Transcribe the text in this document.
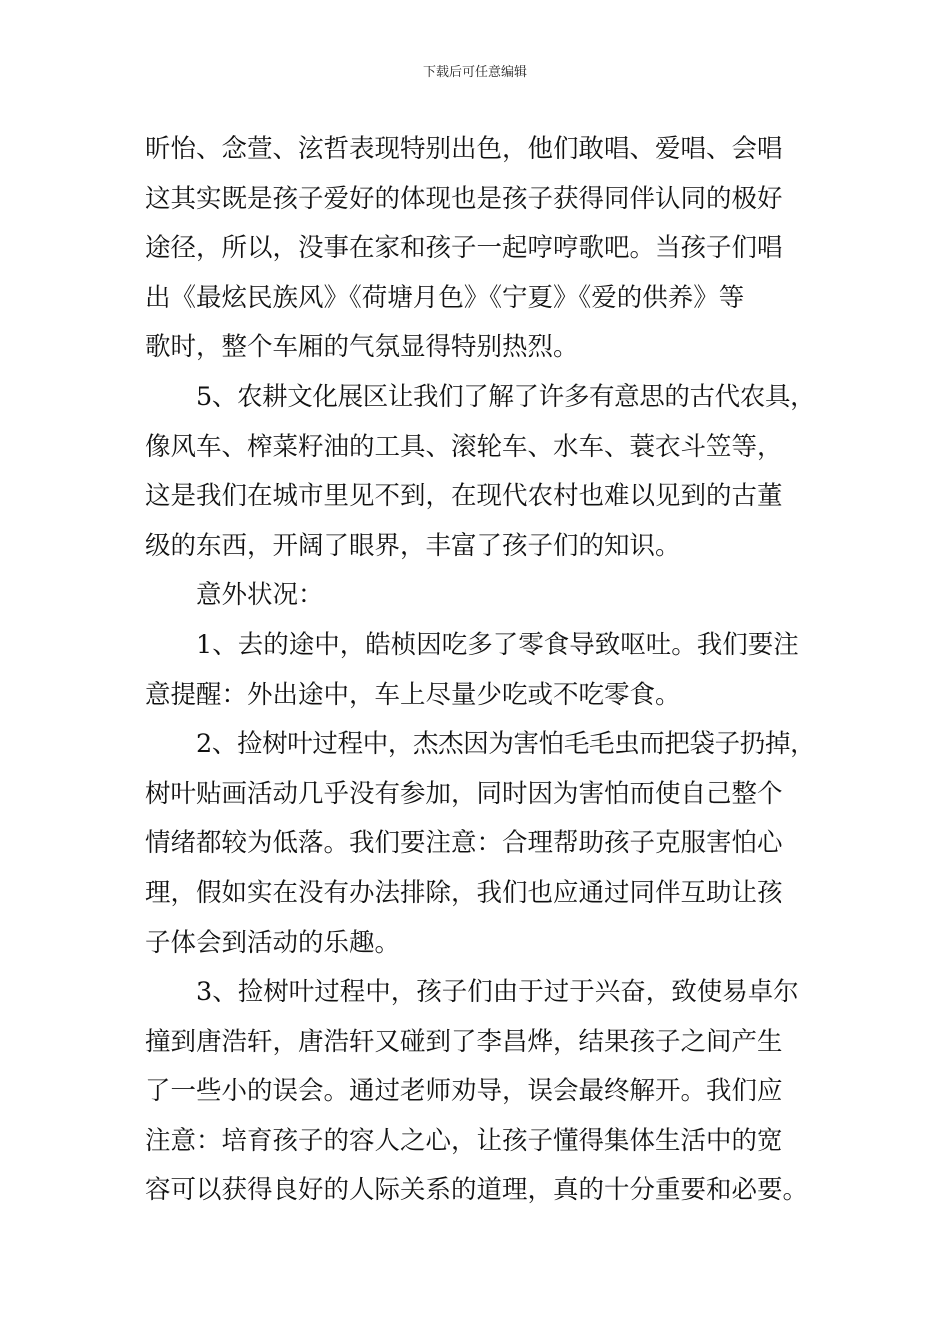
下载后可任意编辑
昕怡、念萱、泫哲表现特别出色，他们敢唱、爱唱、会唱
这其实既是孩子爱好的体现也是孩子获得同伴认同的极好
途径，所以，没事在家和孩子一起哼哼歌吧。当孩子们唱
出《最炫民族风》《荷塘月色》《宁夏》《爱的供养》等
歌时，整个车厢的气氛显得特别热烈。
5、农耕文化展区让我们了解了许多有意思的古代农具，
像风车、榨菜籽油的工具、滚轮车、水车、蓑衣斗笠等，
这是我们在城市里见不到，在现代农村也难以见到的古董
级的东西，开阔了眼界，丰富了孩子们的知识。
意外状况：
1、去的途中，皓桢因吃多了零食导致呕吐。我们要注
意提醒：外出途中，车上尽量少吃或不吃零食。
2、捡树叶过程中，杰杰因为害怕毛毛虫而把袋子扔掉，
树叶贴画活动几乎没有参加，同时因为害怕而使自己整个
情绪都较为低落。我们要注意：合理帮助孩子克服害怕心
理，假如实在没有办法排除，我们也应通过同伴互助让孩
子体会到活动的乐趣。
3、捡树叶过程中，孩子们由于过于兴奋，致使易卓尔
撞到唐浩轩，唐浩轩又碰到了李昌烨，结果孩子之间产生
了一些小的误会。通过老师劝导，误会最终解开。我们应
注意：培育孩子的容人之心，让孩子懂得集体生活中的宽
容可以获得良好的人际关系的道理，真的十分重要和必要。
